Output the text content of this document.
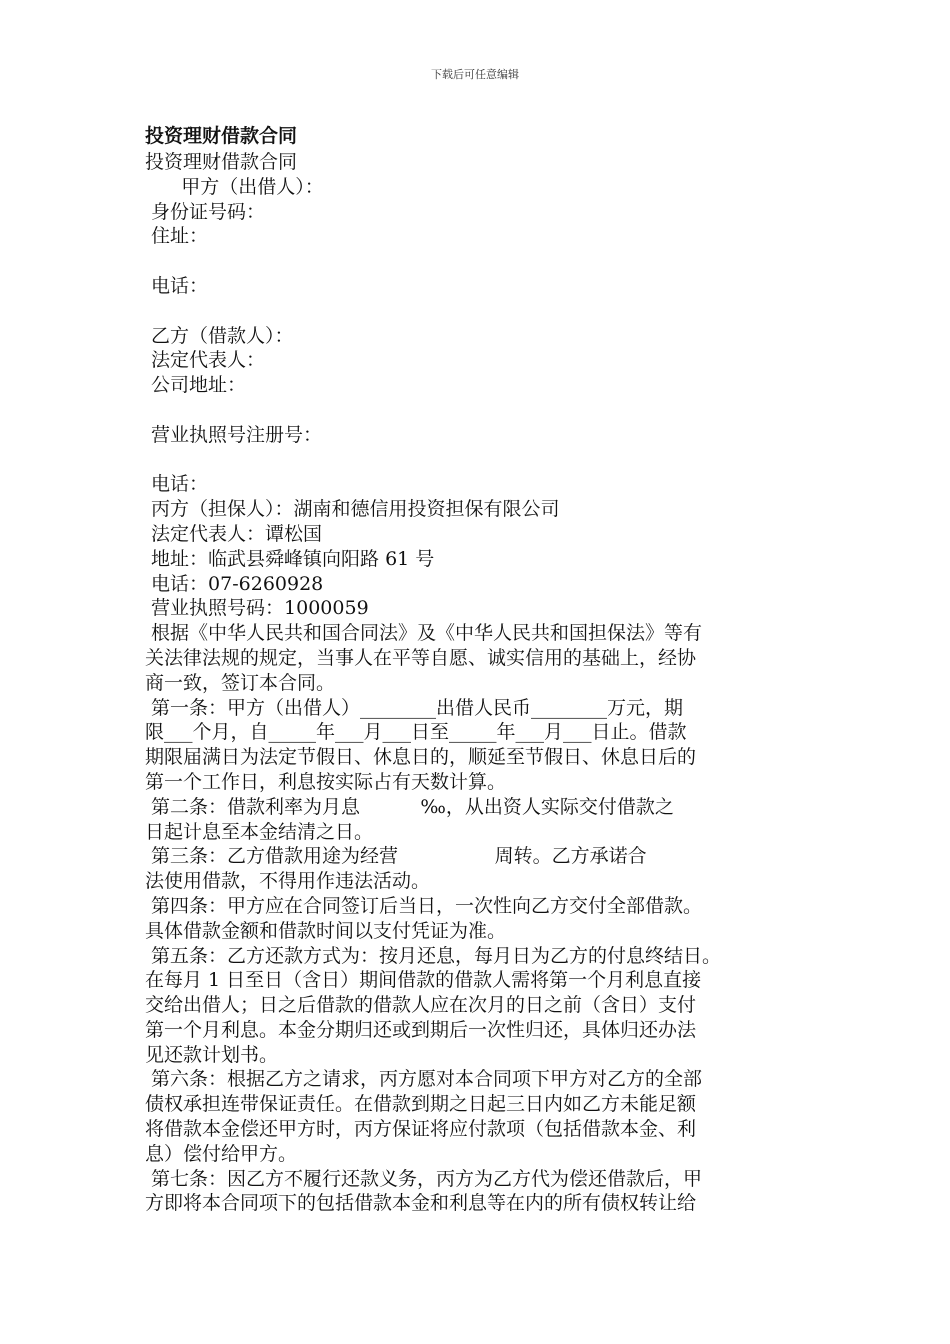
下载后可任意编辑
投资理财借款合同
投资理财借款合同
甲方（出借人）：
身份证号码：
住址：
电话：
乙方（借款人）：
法定代表人：
公司地址：
营业执照号注册号：
电话：
丙方（担保人）：湖南和德信用投资担保有限公司
法定代表人：谭松国
地址：临武县舜峰镇向阳路 61 号
电话：07-6260928
营业执照号码：1000059
根据《中华人民共和国合同法》及《中华人民共和国担保法》等有
关法律法规的规定，当事人在平等自愿、诚实信用的基础上，经协
商一致，签订本合同。
第一条：甲方（出借人）________出借人民币________万元，期
限___个月，自_____年___月___日至_____年___月___日止。借款
期限届满日为法定节假日、休息日的，顺延至节假日、休息日后的
第一个工作日，利息按实际占有天数计算。
第二条：借款利率为月息          ‰，从出资人实际交付借款之
日起计息至本金结清之日。
第三条：乙方借款用途为经营                周转。乙方承诺合
法使用借款，不得用作违法活动。
第四条：甲方应在合同签订后当日，一次性向乙方交付全部借款。
具体借款金额和借款时间以支付凭证为准。
第五条：乙方还款方式为：按月还息，每月日为乙方的付息终结日。
在每月 1 日至日（含日）期间借款的借款人需将第一个月利息直接
交给出借人；日之后借款的借款人应在次月的日之前（含日）支付
第一个月利息。本金分期归还或到期后一次性归还，具体归还办法
见还款计划书。
第六条：根据乙方之请求，丙方愿对本合同项下甲方对乙方的全部
债权承担连带保证责任。在借款到期之日起三日内如乙方未能足额
将借款本金偿还甲方时，丙方保证将应付款项（包括借款本金、利
息）偿付给甲方。
第七条：因乙方不履行还款义务，丙方为乙方代为偿还借款后，甲
方即将本合同项下的包括借款本金和利息等在内的所有债权转让给
